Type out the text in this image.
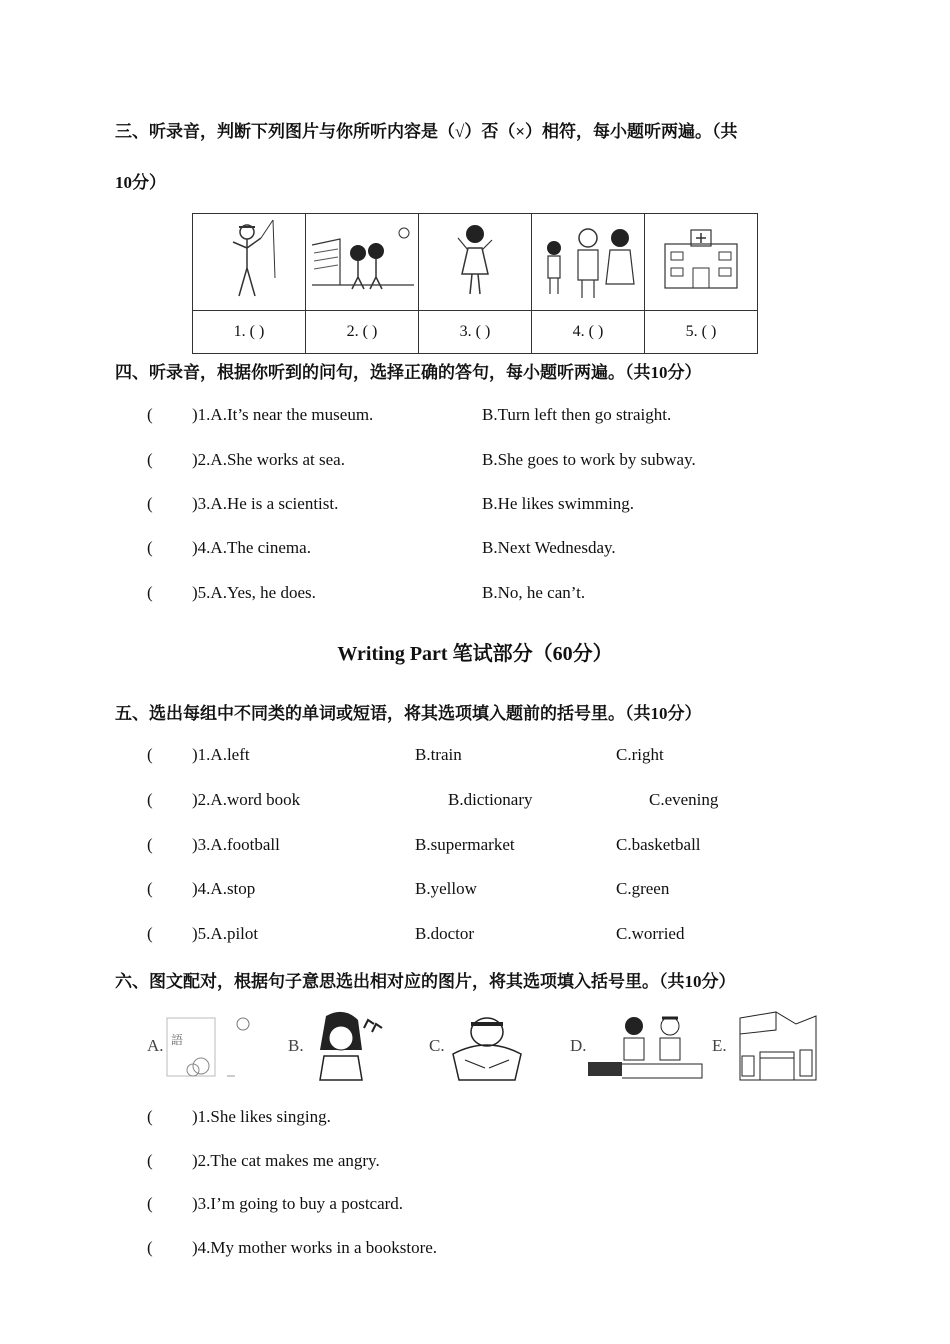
三、听录音，判断下列图片与你所听内容是（√）否（×）相符，每小题听两遍。（共
10分）

1. ( )	2. ( )	3. ( )	4. ( )	5. ( )
四、听录音，根据你听到的问句，选择正确的答句，每小题听两遍。（共10分）
(	)1.A.It’s near the museum.	B.Turn left then go straight.
(	)2.A.She works at sea.	B.She goes to work by subway.
(	)3.A.He is a scientist.	B.He likes swimming.
(	)4.A.The cinema.	B.Next Wednesday.
(	)5.A.Yes, he does.	B.No, he can’t.
Writing Part 笔试部分（60分）
五、选出每组中不同类的单词或短语，将其选项填入题前的括号里。（共10分）
(	)1.A.left	B.train	C.right
(	)2.A.word book	B.dictionary	C.evening
(	)3.A.football	B.supermarket	C.basketball
(	)4.A.stop	B.yellow	C.green
(	)5.A.pilot	B.doctor	C.worried
六、图文配对，根据句子意思选出相对应的图片，将其选项填入括号里。（共10分）
A. 語	B.	C.	D.	E.
(	)1.She likes singing.
(	)2.The cat makes me angry.
(	)3.I’m going to buy a postcard.
(	)4.My mother works in a bookstore.
